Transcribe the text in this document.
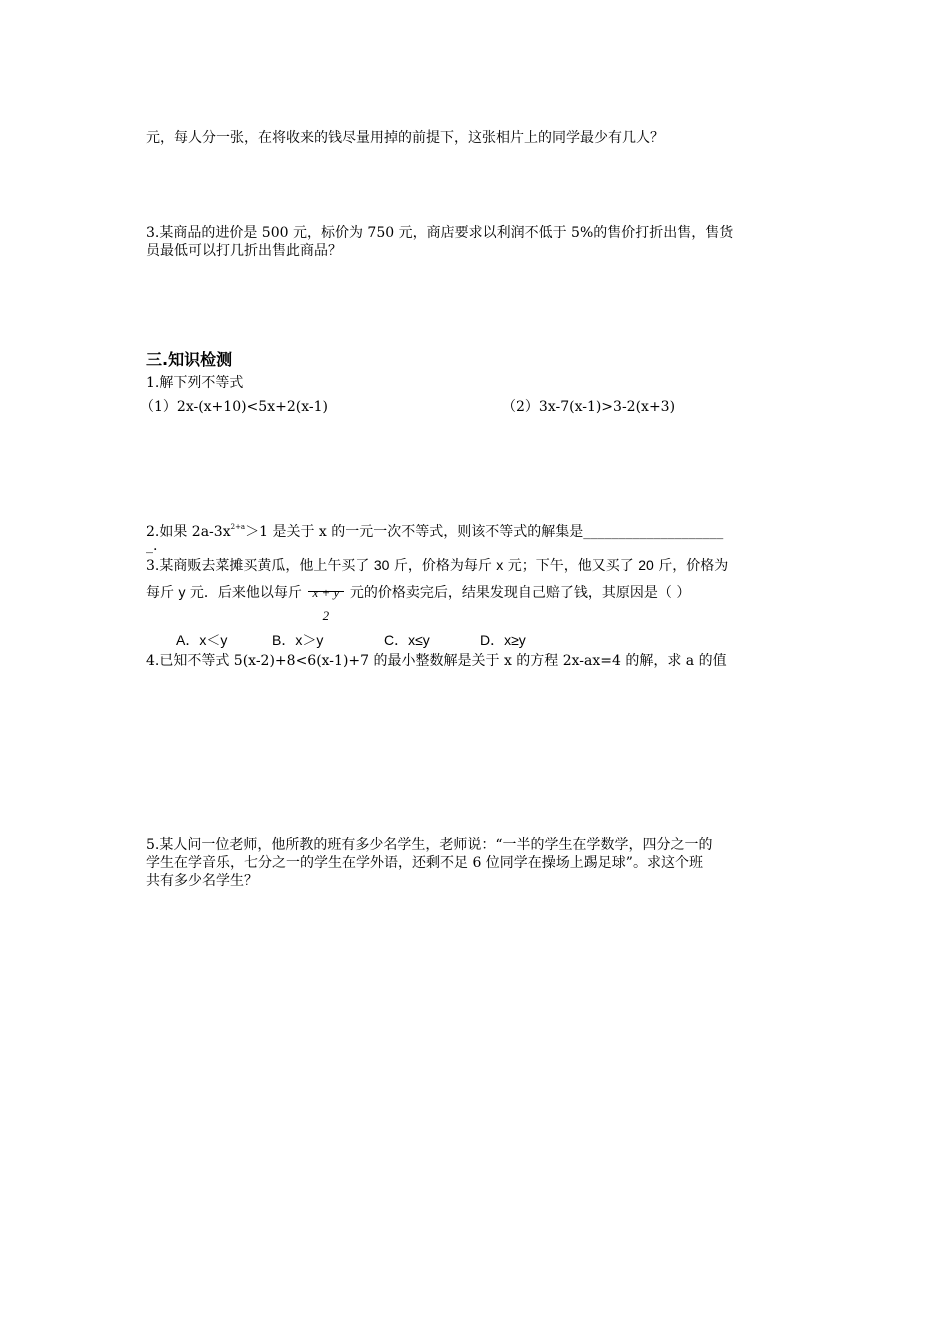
元，每人分一张，在将收来的钱尽量用掉的前提下，这张相片上的同学最少有几人？
3.某商品的进价是 500 元，标价为 750 元，商店要求以利润不低于 5%的售价打折出售，售货
员最低可以打几折出售此商品？
三.知识检测
1.解下列不等式
（1）2x-(x+10)<5x+2(x-1)	（2）3x-7(x-1)>3-2(x+3)
2.如果 $2a-3x^{2+a}>1$ 是关于 x 的一元一次不等式，则该不等式的解集是____________________
_.
3.某商贩去菜摊买黄瓜，他上午买了 30 斤，价格为每斤 x 元；下午，他又买了 20 斤，价格为
每斤 y 元．后来他以每斤 x + y
2
元的价格卖完后，结果发现自己赔了钱，其原因是（ ）
A．x＜y	B．x＞y	C．x≤y	D．x≥y
4.已知不等式 5(x-2)+8<6(x-1)+7 的最小整数解是关于 x 的方程 2x-ax=4 的解，求 a 的值
5.某人问一位老师，他所教的班有多少名学生，老师说：“一半的学生在学数学，四分之一的
学生在学音乐，七分之一的学生在学外语，还剩不足 6 位同学在操场上踢足球”。求这个班
共有多少名学生？
